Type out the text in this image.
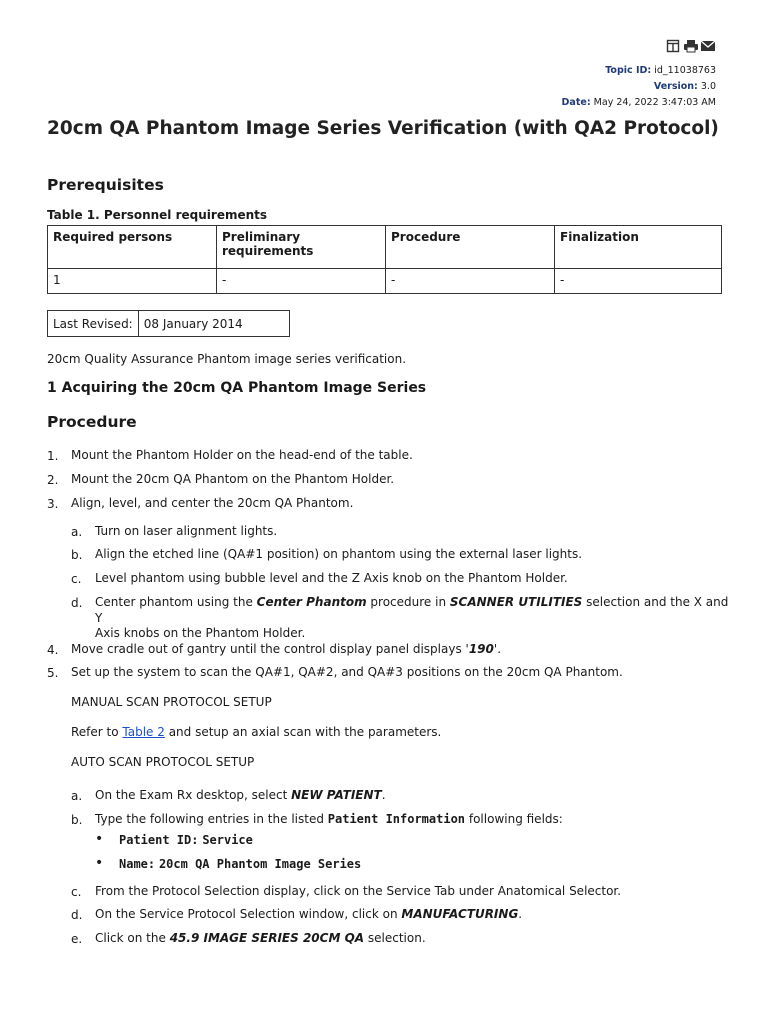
Topic ID: id_11038763
Version: 3.0
Date: May 24, 2022 3:47:03 AM
20cm QA Phantom Image Series Verification (with QA2 Protocol)
Prerequisites
Table 1. Personnel requirements
Required persons	Preliminary requirements	Procedure	Finalization
1	-	-	-
Last Revised:	08 January 2014

20cm Quality Assurance Phantom image series verification.

1 Acquiring the 20cm QA Phantom Image Series
Procedure
1. Mount the Phantom Holder on the head-end of the table.
2. Mount the 20cm QA Phantom on the Phantom Holder.
3. Align, level, and center the 20cm QA Phantom.
a. Turn on laser alignment lights.
b. Align the etched line (QA#1 position) on phantom using the external laser lights.
c. Level phantom using bubble level and the Z Axis knob on the Phantom Holder.
d. Center phantom using the Center Phantom procedure in SCANNER UTILITIES selection and the X and Y
Axis knobs on the Phantom Holder.
4. Move cradle out of gantry until the control display panel displays '190'.
5. Set up the system to scan the QA#1, QA#2, and QA#3 positions on the 20cm QA Phantom.
MANUAL SCAN PROTOCOL SETUP
Refer to Table 2 and setup an axial scan with the parameters.
AUTO SCAN PROTOCOL SETUP
a. On the Exam Rx desktop, select NEW PATIENT.
b. Type the following entries in the listed Patient Information following fields:
• Patient ID: Service
• Name: 20cm QA Phantom Image Series
c. From the Protocol Selection display, click on the Service Tab under Anatomical Selector.
d. On the Service Protocol Selection window, click on MANUFACTURING.
e. Click on the 45.9 IMAGE SERIES 20CM QA selection.
